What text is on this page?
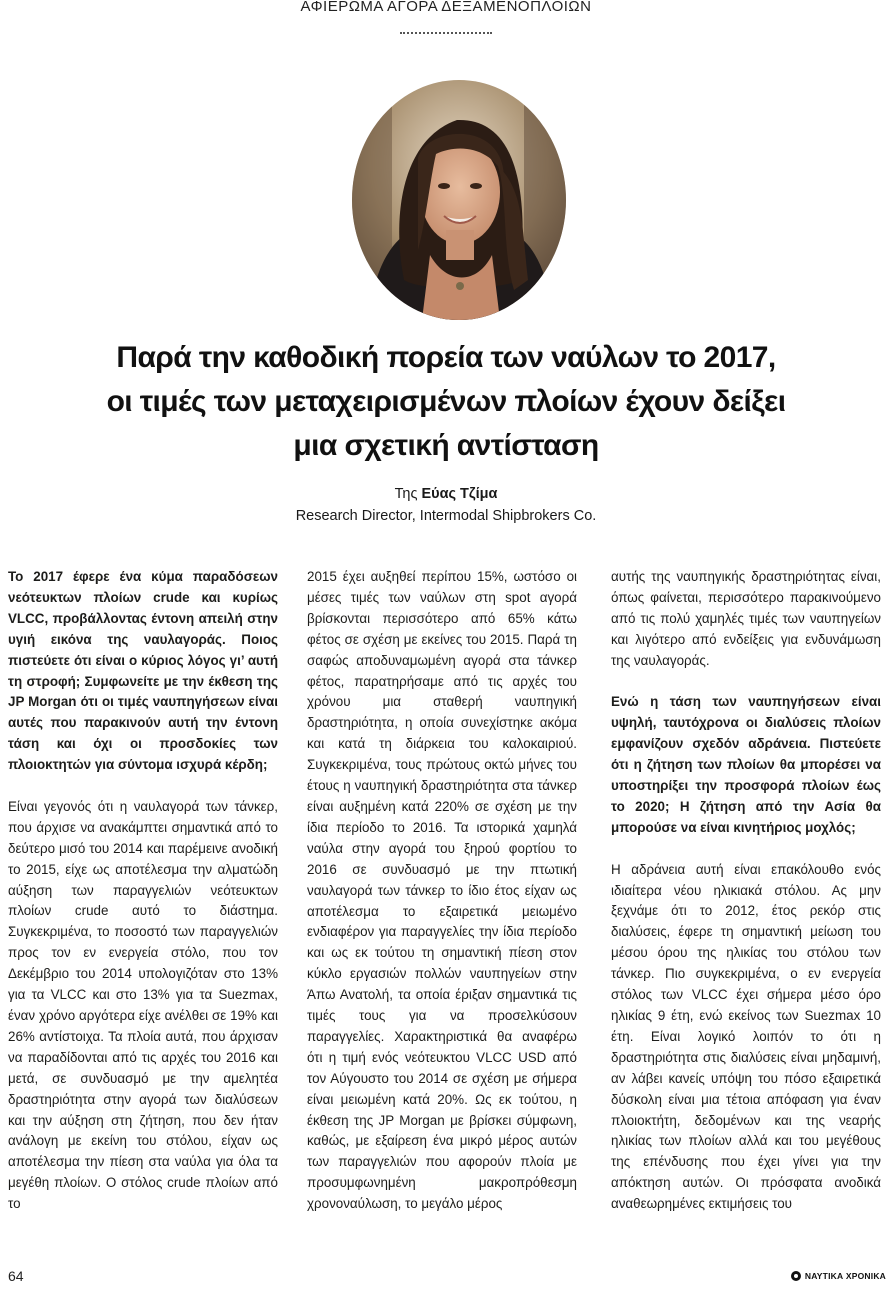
ΑΦΙΕΡΩΜΑ ΑΓΟΡΑ ΔΕΞΑΜΕΝΟΠΛΟΙΩΝ
Παρά την καθοδική πορεία των ναύλων το 2017,
οι τιμές των μεταχειρισμένων πλοίων έχουν δείξει
μια σχετική αντίσταση
Της Εύας Τζίμα
Research Director, Intermodal Shipbrokers Co.

Το 2017 έφερε ένα κύμα παραδόσεων νεότευκτων πλοίων crude και κυρίως VLCC, προβάλλοντας έντονη απειλή στην υγιή εικόνα της ναυλαγοράς. Ποιος πιστεύετε ότι είναι ο κύριος λόγος γι’ αυτή τη στροφή; Συμφωνείτε με την έκθεση της JP Morgan ότι οι τιμές ναυπηγήσεων είναι αυτές που παρακινούν αυτή την έντονη τάση και όχι οι προσδοκίες των πλοιοκτητών για σύντομα ισχυρά κέρδη;

Είναι γεγονός ότι η ναυλαγορά των τάνκερ, που άρχισε να ανακάμπτει σημαντικά από το δεύτερο μισό του 2014 και παρέμεινε ανοδική το 2015, είχε ως αποτέλεσμα την αλματώδη αύξηση των παραγγελιών νεότευκτων πλοίων crude αυτό το διάστημα. Συγκεκριμένα, το ποσοστό των παραγγελιών προς τον εν ενεργεία στόλο, που τον Δεκέμβριο του 2014 υπολογιζόταν στο 13% για τα VLCC και στο 13% για τα Suezmax, έναν χρόνο αργότερα είχε ανέλθει σε 19% και 26% αντίστοιχα. Τα πλοία αυτά, που άρχισαν να παραδίδονται από τις αρχές του 2016 και μετά, σε συνδυασμό με την αμελητέα δραστηριότητα στην αγορά των διαλύσεων και την αύξηση στη ζήτηση, που δεν ήταν ανάλογη με εκείνη του στόλου, είχαν ως αποτέλεσμα την πίεση στα ναύλα για όλα τα μεγέθη πλοίων. Ο στόλος crude πλοίων από το

2015 έχει αυξηθεί περίπου 15%, ωστόσο οι μέσες τιμές των ναύλων στη spot αγορά βρίσκονται περισσότερο από 65% κάτω φέτος σε σχέση με εκείνες του 2015. Παρά τη σαφώς αποδυναμωμένη αγορά στα τάνκερ φέτος, παρατηρήσαμε από τις αρχές του χρόνου μια σταθερή ναυπηγική δραστηριότητα, η οποία συνεχίστηκε ακόμα και κατά τη διάρκεια του καλοκαιριού. Συγκεκριμένα, τους πρώτους οκτώ μήνες του έτους η ναυπηγική δραστηριότητα στα τάνκερ είναι αυξημένη κατά 220% σε σχέση με την ίδια περίοδο το 2016. Τα ιστορικά χαμηλά ναύλα στην αγορά του ξηρού φορτίου το 2016 σε συνδυασμό με την πτωτική ναυλαγορά των τάνκερ το ίδιο έτος είχαν ως αποτέλεσμα το εξαιρετικά μειωμένο ενδιαφέρον για παραγγελίες την ίδια περίοδο και ως εκ τούτου τη σημαντική πίεση στον κύκλο εργασιών πολλών ναυπηγείων στην Άπω Ανατολή, τα οποία έριξαν σημαντικά τις τιμές τους για να προσελκύσουν παραγγελίες. Χαρακτηριστικά θα αναφέρω ότι η τιμή ενός νεότευκτου VLCC USD από τον Αύγουστο του 2014 σε σχέση με σήμερα είναι μειωμένη κατά 20%. Ως εκ τούτου, η έκθεση της JP Morgan με βρίσκει σύμφωνη, καθώς, με εξαίρεση ένα μικρό μέρος αυτών των παραγγελιών που αφορούν πλοία με προσυμφωνημένη μακροπρόθεσμη χρονοναύλωση, το μεγάλο μέρος

αυτής της ναυπηγικής δραστηριότητας είναι, όπως φαίνεται, περισσότερο παρακινούμενο από τις πολύ χαμηλές τιμές των ναυπηγείων και λιγότερο από ενδείξεις για ενδυνάμωση της ναυλαγοράς.

Ενώ η τάση των ναυπηγήσεων είναι υψηλή, ταυτόχρονα οι διαλύσεις πλοίων εμφανίζουν σχεδόν αδράνεια. Πιστεύετε ότι η ζήτηση των πλοίων θα μπορέσει να υποστηρίξει την προσφορά πλοίων έως το 2020; Η ζήτηση από την Ασία θα μπορούσε να είναι κινητήριος μοχλός;

Η αδράνεια αυτή είναι επακόλουθο ενός ιδιαίτερα νέου ηλικιακά στόλου. Ας μην ξεχνάμε ότι το 2012, έτος ρεκόρ στις διαλύσεις, έφερε τη σημαντική μείωση του μέσου όρου της ηλικίας του στόλου των τάνκερ. Πιο συγκεκριμένα, ο εν ενεργεία στόλος των VLCC έχει σήμερα μέσο όρο ηλικίας 9 έτη, ενώ εκείνος των Suezmax 10 έτη. Είναι λογικό λοιπόν το ότι η δραστηριότητα στις διαλύσεις είναι μηδαμινή, αν λάβει κανείς υπόψη του πόσο εξαιρετικά δύσκολη είναι μια τέτοια απόφαση για έναν πλοιοκτήτη, δεδομένων και της νεαρής ηλικίας των πλοίων αλλά και του μεγέθους της επένδυσης που έχει γίνει για την απόκτηση αυτών. Οι πρόσφατα ανοδικά αναθεωρημένες εκτιμήσεις του

64	ΝΑΥΤΙΚΑ ΧΡΟΝΙΚΑ
